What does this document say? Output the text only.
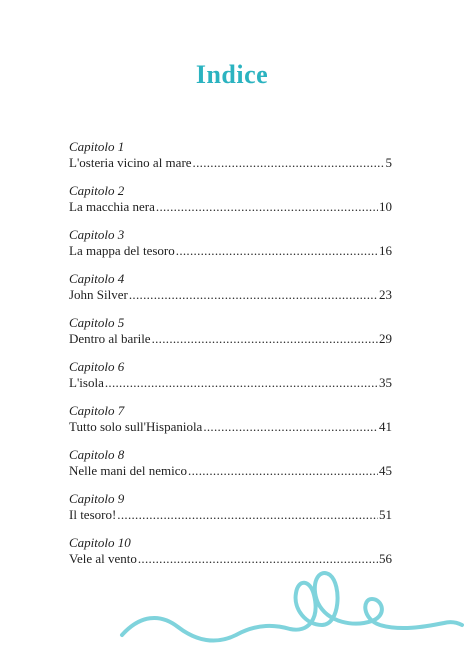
Indice
Capitolo 1
L'osteria vicino al mare .....	5
Capitolo 2
La macchia nera .....	10
Capitolo 3
La mappa del tesoro .....	16
Capitolo 4
John Silver .....	23
Capitolo 5
Dentro al barile .....	29
Capitolo 6
L'isola .....	35
Capitolo 7
Tutto solo sull'Hispaniola .....	41
Capitolo 8
Nelle mani del nemico .....	45
Capitolo 9
Il tesoro! .....	51
Capitolo 10
Vele al vento .....	56
